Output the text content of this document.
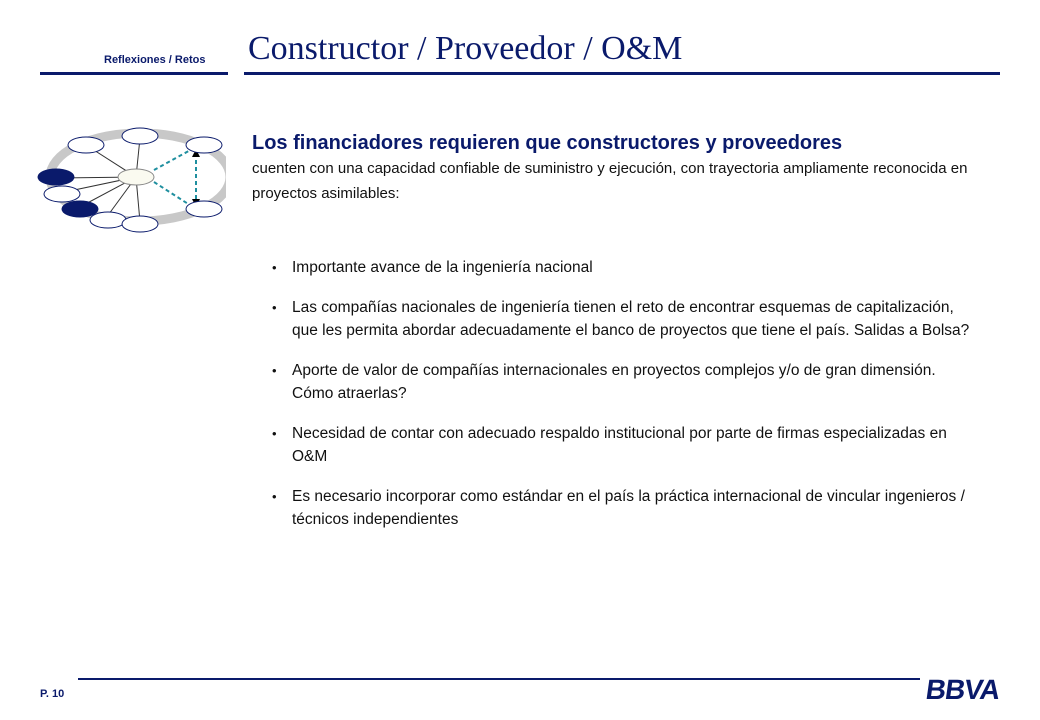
Reflexiones / Retos Constructor / Proveedor / O&M
Los financiadores requieren que constructores y proveedores
cuenten con una capacidad confiable de suministro y ejecución, con trayectoria ampliamente reconocida en proyectos asimilables:
• Importante avance de la ingeniería nacional
• Las compañías nacionales de ingeniería tienen el reto de encontrar esquemas de capitalización, que les permita abordar adecuadamente el banco de proyectos que tiene el país. Salidas a Bolsa?
• Aporte de valor de compañías internacionales en proyectos complejos y/o de gran dimensión. Cómo atraerlas?
• Necesidad de contar con adecuado respaldo institucional por parte de firmas especializadas en O&M
• Es necesario incorporar como estándar en el país la práctica internacional de vincular ingenieros / técnicos independientes
P. 10	BBVA
